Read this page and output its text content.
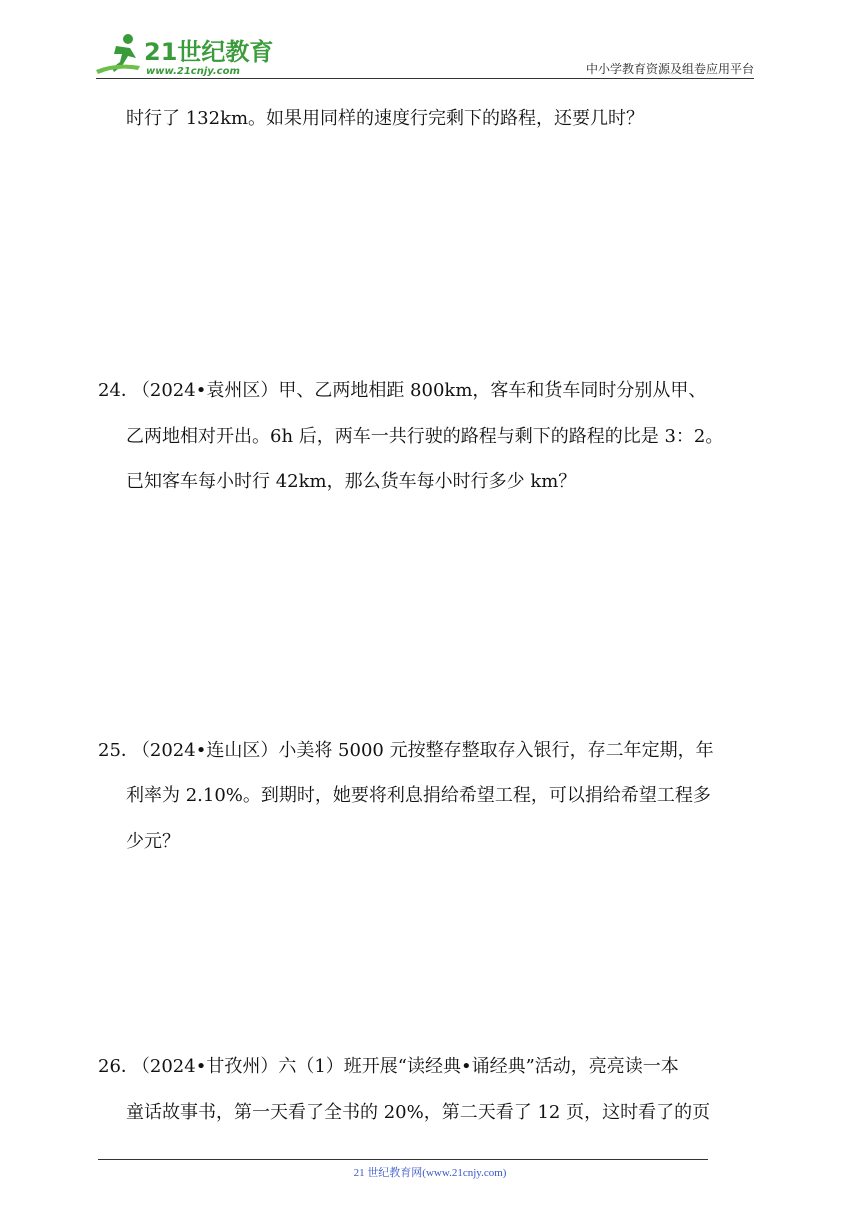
21世纪教育
www.21cnjy.com	中小学教育资源及组卷应用平台
时行了 132km。如果用同样的速度行完剩下的路程，还要几时？
24． （2024•袁州区）甲、乙两地相距 800km，客车和货车同时分别从甲、
乙两地相对开出。6h 后，两车一共行驶的路程与剩下的路程的比是 3：2。
已知客车每小时行 42km，那么货车每小时行多少 km？
25． （2024•连山区）小美将 5000 元按整存整取存入银行，存二年定期，年
利率为 2.10%。到期时，她要将利息捐给希望工程，可以捐给希望工程多
少元？
26． （2024•甘孜州）六（1）班开展“读经典•诵经典”活动，亮亮读一本
童话故事书，第一天看了全书的 20%，第二天看了 12 页，这时看了的页
21 世纪教育网(www.21cnjy.com)
